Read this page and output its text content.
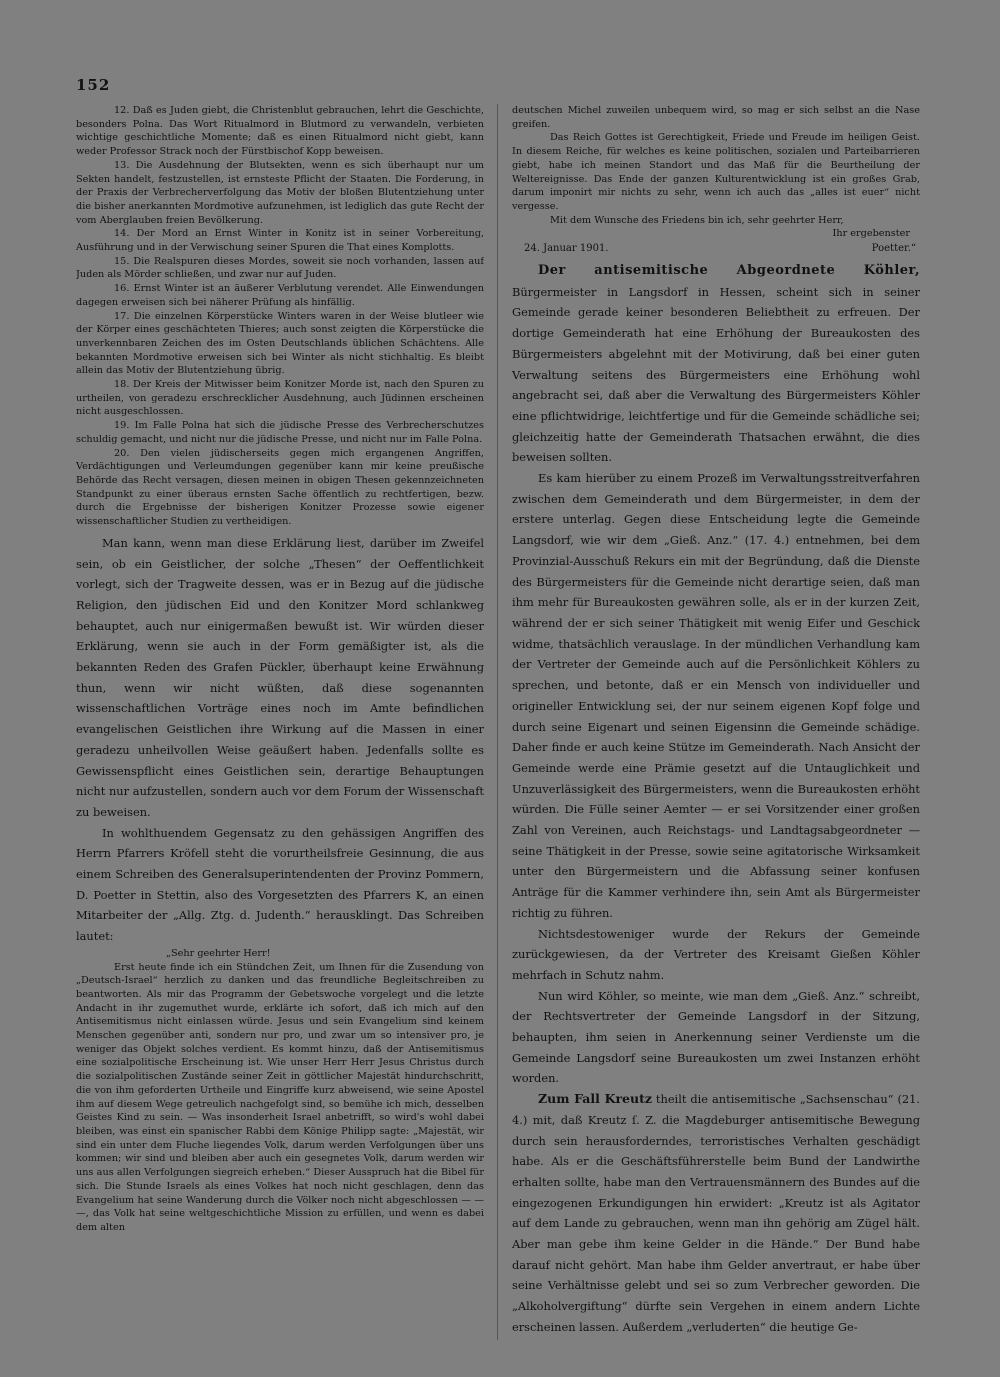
152

12. Daß es Juden giebt, die Christenblut gebrauchen, lehrt die Geschichte, besonders Polna. Das Wort Ritualmord in Blutmord zu verwandeln, verbieten wichtige geschichtliche Momente; daß es einen Ritualmord nicht giebt, kann weder Professor Strack noch der Fürstbischof Kopp beweisen.

13. Die Ausdehnung der Blutsekten, wenn es sich überhaupt nur um Sekten handelt, festzustellen, ist ernsteste Pflicht der Staaten. Die Forderung, in der Praxis der Verbrecherverfolgung das Motiv der bloßen Blutentziehung unter die bisher anerkannten Mordmotive aufzunehmen, ist lediglich das gute Recht der vom Aberglauben freien Bevölkerung.

14. Der Mord an Ernst Winter in Konitz ist in seiner Vorbereitung, Ausführung und in der Verwischung seiner Spuren die That eines Komplotts.

15. Die Realspuren dieses Mordes, soweit sie noch vorhanden, lassen auf Juden als Mörder schließen, und zwar nur auf Juden.

16. Ernst Winter ist an äußerer Verblutung verendet. Alle Einwendungen dagegen erweisen sich bei näherer Prüfung als hinfällig.

17. Die einzelnen Körperstücke Winters waren in der Weise blutleer wie der Körper eines geschächteten Thieres; auch sonst zeigten die Körperstücke die unverkennbaren Zeichen des im Osten Deutschlands üblichen Schächtens. Alle bekannten Mordmotive erweisen sich bei Winter als nicht stichhaltig. Es bleibt allein das Motiv der Blutentziehung übrig.

18. Der Kreis der Mitwisser beim Konitzer Morde ist, nach den Spuren zu urtheilen, von geradezu erschrecklicher Ausdehnung, auch Jüdinnen erscheinen nicht ausgeschlossen.

19. Im Falle Polna hat sich die jüdische Presse des Verbrecherschutzes schuldig gemacht, und nicht nur die jüdische Presse, und nicht nur im Falle Polna.

20. Den vielen jüdischerseits gegen mich ergangenen Angriffen, Verdächtigungen und Verleumdungen gegenüber kann mir keine preußische Behörde das Recht versagen, diesen meinen in obigen Thesen gekennzeichneten Standpunkt zu einer überaus ernsten Sache öffentlich zu rechtfertigen, bezw. durch die Ergebnisse der bisherigen Konitzer Prozesse sowie eigener wissenschaftlicher Studien zu vertheidigen.

Man kann, wenn man diese Erklärung liest, darüber im Zweifel sein, ob ein Geistlicher, der solche „Thesen“ der Oeffentlichkeit vorlegt, sich der Tragweite dessen, was er in Bezug auf die jüdische Religion, den jüdischen Eid und den Konitzer Mord schlankweg behauptet, auch nur einigermaßen bewußt ist. Wir würden dieser Erklärung, wenn sie auch in der Form gemäßigter ist, als die bekannten Reden des Grafen Pückler, überhaupt keine Erwähnung thun, wenn wir nicht wüßten, daß diese sogenannten wissenschaftlichen Vorträge eines noch im Amte befindlichen evangelischen Geistlichen ihre Wirkung auf die Massen in einer geradezu unheilvollen Weise geäußert haben. Jedenfalls sollte es Gewissenspflicht eines Geistlichen sein, derartige Behauptungen nicht nur aufzustellen, sondern auch vor dem Forum der Wissenschaft zu beweisen.

In wohlthuendem Gegensatz zu den gehässigen Angriffen des Herrn Pfarrers Kröfell steht die vorurtheilsfreie Gesinnung, die aus einem Schreiben des Generalsuperintendenten der Provinz Pommern, D. Poetter in Stettin, also des Vorgesetzten des Pfarrers K, an einen Mitarbeiter der „Allg. Ztg. d. Judenth.“ herausklingt. Das Schreiben lautet:

„Sehr geehrter Herr!

Erst heute finde ich ein Stündchen Zeit, um Ihnen für die Zusendung von „Deutsch-Israel“ herzlich zu danken und das freundliche Begleitschreiben zu beantworten. Als mir das Programm der Gebetswoche vorgelegt und die letzte Andacht in ihr zugemuthet wurde, erklärte ich sofort, daß ich mich auf den Antisemitismus nicht einlassen würde. Jesus und sein Evangelium sind keinem Menschen gegenüber anti, sondern nur pro, und zwar um so intensiver pro, je weniger das Objekt solches verdient. Es kommt hinzu, daß der Antisemitismus eine sozialpolitische Erscheinung ist. Wie unser Herr Herr Jesus Christus durch die sozialpolitischen Zustände seiner Zeit in göttlicher Majestät hindurchschritt, die von ihm geforderten Urtheile und Eingriffe kurz abweisend, wie seine Apostel ihm auf diesem Wege getreulich nachgefolgt sind, so bemühe ich mich, desselben Geistes Kind zu sein. — Was insonderheit Israel anbetrifft, so wird's wohl dabei bleiben, was einst ein spanischer Rabbi dem Könige Philipp sagte: „Majestät, wir sind ein unter dem Fluche liegendes Volk, darum werden Verfolgungen über uns kommen; wir sind und bleiben aber auch ein gesegnetes Volk, darum werden wir uns aus allen Verfolgungen siegreich erheben.“ Dieser Ausspruch hat die Bibel für sich. Die Stunde Israels als eines Volkes hat noch nicht geschlagen, denn das Evangelium hat seine Wanderung durch die Völker noch nicht abgeschlossen — — —, das Volk hat seine weltgeschichtliche Mission zu erfüllen, und wenn es dabei dem alten

deutschen Michel zuweilen unbequem wird, so mag er sich selbst an die Nase greifen.

Das Reich Gottes ist Gerechtigkeit, Friede und Freude im heiligen Geist. In diesem Reiche, für welches es keine politischen, sozialen und Parteibarrieren giebt, habe ich meinen Standort und das Maß für die Beurtheilung der Weltereignisse. Das Ende der ganzen Kulturentwicklung ist ein großes Grab, darum imponirt mir nichts zu sehr, wenn ich auch das „alles ist euer“ nicht vergesse.

Mit dem Wunsche des Friedens bin ich, sehr geehrter Herr,

Ihr ergebenster
24. Januar 1901.	Poetter.“

Der antisemitische Abgeordnete Köhler, Bürgermeister in Langsdorf in Hessen, scheint sich in seiner Gemeinde gerade keiner besonderen Beliebtheit zu erfreuen. Der dortige Gemeinderath hat eine Erhöhung der Bureaukosten des Bürgermeisters abgelehnt mit der Motivirung, daß bei einer guten Verwaltung seitens des Bürgermeisters eine Erhöhung wohl angebracht sei, daß aber die Verwaltung des Bürgermeisters Köhler eine pflichtwidrige, leichtfertige und für die Gemeinde schädliche sei; gleichzeitig hatte der Gemeinderath Thatsachen erwähnt, die dies beweisen sollten.

Es kam hierüber zu einem Prozeß im Verwaltungsstreitverfahren zwischen dem Gemeinderath und dem Bürgermeister, in dem der erstere unterlag. Gegen diese Entscheidung legte die Gemeinde Langsdorf, wie wir dem „Gieß. Anz.“ (17. 4.) entnehmen, bei dem Provinzial-Ausschuß Rekurs ein mit der Begründung, daß die Dienste des Bürgermeisters für die Gemeinde nicht derartige seien, daß man ihm mehr für Bureaukosten gewähren solle, als er in der kurzen Zeit, während der er sich seiner Thätigkeit mit wenig Eifer und Geschick widme, thatsächlich verauslage. In der mündlichen Verhandlung kam der Vertreter der Gemeinde auch auf die Persönlichkeit Köhlers zu sprechen, und betonte, daß er ein Mensch von individueller und origineller Entwicklung sei, der nur seinem eigenen Kopf folge und durch seine Eigenart und seinen Eigensinn die Gemeinde schädige. Daher finde er auch keine Stütze im Gemeinderath. Nach Ansicht der Gemeinde werde eine Prämie gesetzt auf die Untauglichkeit und Unzuverlässigkeit des Bürgermeisters, wenn die Bureaukosten erhöht würden. Die Fülle seiner Aemter — er sei Vorsitzender einer großen Zahl von Vereinen, auch Reichstags- und Landtagsabgeordneter — seine Thätigkeit in der Presse, sowie seine agitatorische Wirksamkeit unter den Bürgermeistern und die Abfassung seiner konfusen Anträge für die Kammer verhindere ihn, sein Amt als Bürgermeister richtig zu führen.

Nichtsdestoweniger wurde der Rekurs der Gemeinde zurückgewiesen, da der Vertreter des Kreisamt Gießen Köhler mehrfach in Schutz nahm.

Nun wird Köhler, so meinte, wie man dem „Gieß. Anz.“ schreibt, der Rechtsvertreter der Gemeinde Langsdorf in der Sitzung, behaupten, ihm seien in Anerkennung seiner Verdienste um die Gemeinde Langsdorf seine Bureaukosten um zwei Instanzen erhöht worden.

Zum Fall Kreutz theilt die antisemitische „Sachsenschau“ (21. 4.) mit, daß Kreutz ſ. Z. die Magdeburger antisemitische Bewegung durch sein herausforderndes, terroristisches Verhalten geschädigt habe. Als er die Geschäftsführerstelle beim Bund der Landwirthe erhalten sollte, habe man den Vertrauensmännern des Bundes auf die eingezogenen Erkundigungen hin erwidert: „Kreutz ist als Agitator auf dem Lande zu gebrauchen, wenn man ihn gehörig am Zügel hält. Aber man gebe ihm keine Gelder in die Hände.“ Der Bund habe darauf nicht gehört. Man habe ihm Gelder anvertraut, er habe über seine Verhältnisse gelebt und sei so zum Verbrecher geworden. Die „Alkoholvergiftung“ dürfte sein Vergehen in einem andern Lichte erscheinen lassen. Außerdem „verluderten“ die heutige Ge-
